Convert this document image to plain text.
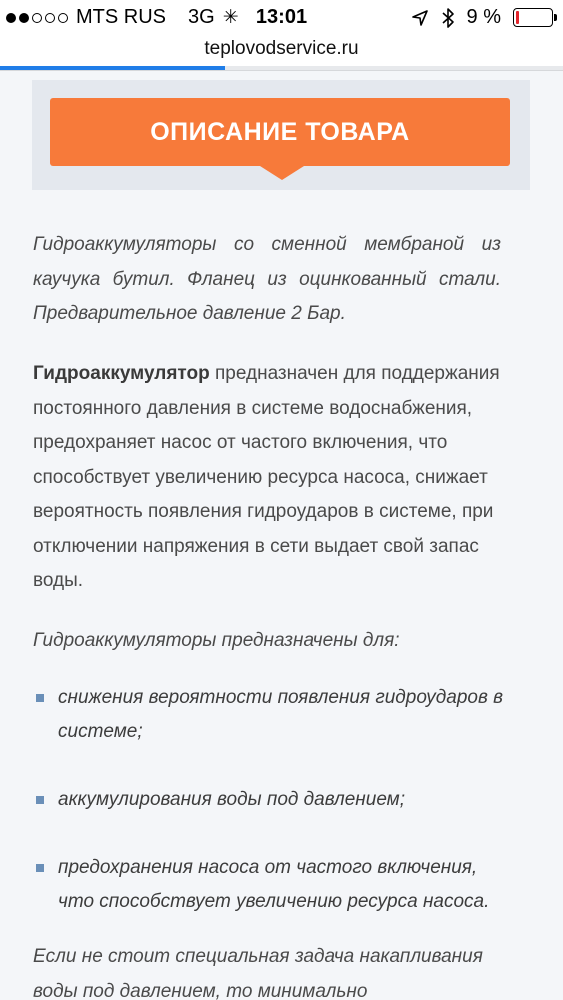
MTS RUS 3G ✳ 13:01	9 %
teplovodservice.ru
ОПИСАНИЕ ТОВАРА
Гидроаккумуляторы со сменной мембраной из каучука бутил. Фланец из оцинкованный стали. Предварительное давление 2 Бар.
Гидроаккумулятор предназначен для поддержания постоянного давления в системе водоснабжения, предохраняет насос от частого включения, что способствует увеличению ресурса насоса, снижает вероятность появления гидроударов в системе, при отключении напряжения в сети выдает свой запас воды.
Гидроаккумуляторы предназначены для:
снижения вероятности появления гидроударов в системе;
аккумулирования воды под давлением;
предохранения насоса от частого включения, что способствует увеличению ресурса насоса.
Если не стоит специальная задача накапливания воды под давлением, то минимально
